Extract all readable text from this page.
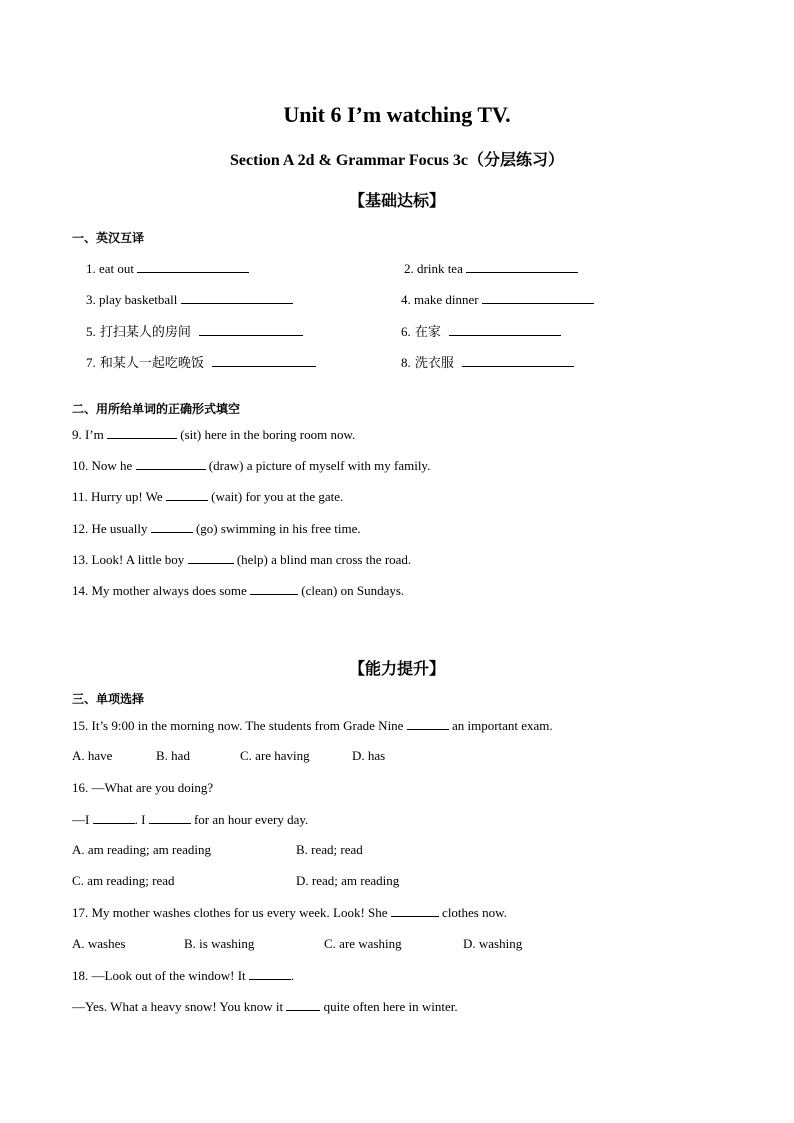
Unit 6 I’m watching TV.
Section A 2d & Grammar Focus 3c（分层练习）
【基础达标】
一、英汉互译
1. eat out	2. drink tea
3. play basketball	4. make dinner
5. 打扫某人的房间	6. 在家
7. 和某人一起吃晚饭	8. 洗衣服
二、用所给单词的正确形式填空
9. I’m	(sit) here in the boring room now.
10. Now he	(draw) a picture of myself with my family.
11. Hurry up! We	(wait) for you at the gate.
12. He usually	(go) swimming in his free time.
13. Look! A little boy	(help) a blind man cross the road.
14. My mother always does some	(clean) on Sundays.
【能力提升】
三、单项选择
15. It’s 9:00 in the morning now. The students from Grade Nine	an important exam.
A. have	B. had	C. are having	D. has
16. —What are you doing?
—I	. I	for an hour every day.
A. am reading; am reading	B. read; read
C. am reading; read	D. read; am reading
17. My mother washes clothes for us every week. Look! She	clothes now.
A. washes	B. is washing	C. are washing	D. washing
18. —Look out of the window! It	.
—Yes. What a heavy snow! You know it	quite often here in winter.
